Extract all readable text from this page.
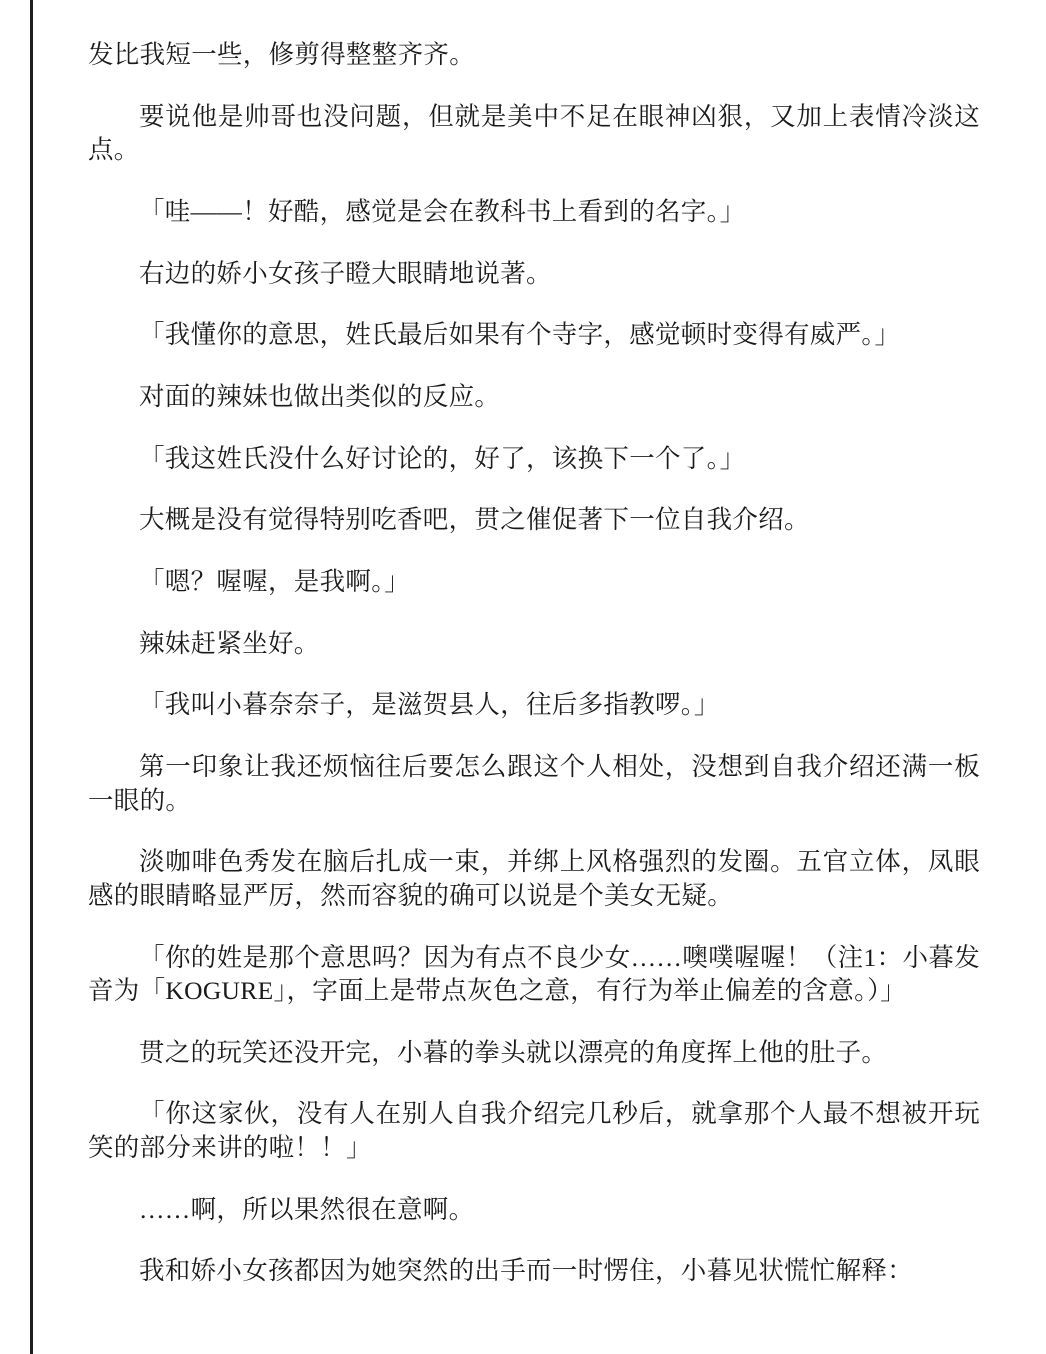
发比我短一些，修剪得整整齐齐。

要说他是帅哥也没问题，但就是美中不足在眼神凶狠，又加上表情冷淡这点。

「哇——！好酷，感觉是会在教科书上看到的名字。」

右边的娇小女孩子瞪大眼睛地说著。

「我懂你的意思，姓氏最后如果有个寺字，感觉顿时变得有威严。」

对面的辣妹也做出类似的反应。

「我这姓氏没什么好讨论的，好了，该换下一个了。」

大概是没有觉得特别吃香吧，贯之催促著下一位自我介绍。

「嗯？喔喔，是我啊。」

辣妹赶紧坐好。

「我叫小暮奈奈子，是滋贺县人，往后多指教啰。」

第一印象让我还烦恼往后要怎么跟这个人相处，没想到自我介绍还满一板一眼的。

淡咖啡色秀发在脑后扎成一束，并绑上风格强烈的发圈。五官立体，凤眼感的眼睛略显严厉，然而容貌的确可以说是个美女无疑。

「你的姓是那个意思吗？因为有点不良少女……噢噗喔喔！（注1：小暮发音为「KOGURE」，字面上是带点灰色之意，有行为举止偏差的含意。）」

贯之的玩笑还没开完，小暮的拳头就以漂亮的角度挥上他的肚子。

「你这家伙，没有人在别人自我介绍完几秒后，就拿那个人最不想被开玩笑的部分来讲的啦！！」

……啊，所以果然很在意啊。

我和娇小女孩都因为她突然的出手而一时愣住，小暮见状慌忙解释：
